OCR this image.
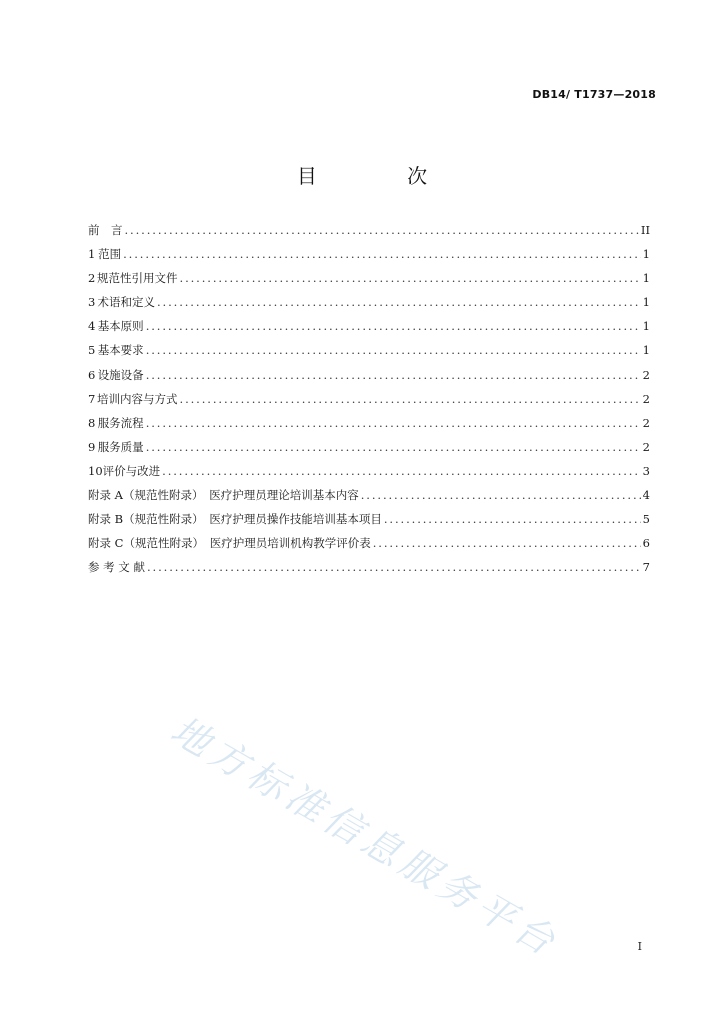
DB14/ T1737—2018
目 次
前　言 .....	II
1 范围 .....	1
2 规范性引用文件 .....	1
3 术语和定义 .....	1
4 基本原则 .....	1
5 基本要求 .....	1
6 设施设备 .....	2
7 培训内容与方式 .....	2
8 服务流程 .....	2
9 服务质量 .....	2
10 评价与改进 .....	3
附录 A（规范性附录）　医疗护理员理论培训基本内容 .....	4
附录 B（规范性附录）　医疗护理员操作技能培训基本项目 .....	5
附录 C（规范性附录）　医疗护理员培训机构教学评价表 .....	6
参 考 文 献 .....	7
地方标准信息服务平台	I
